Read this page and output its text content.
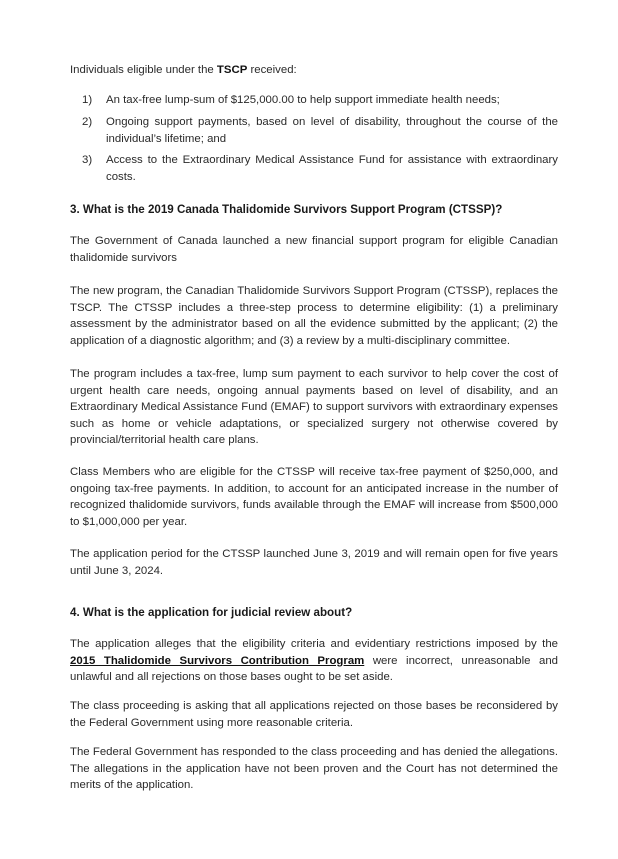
Individuals eligible under the TSCP received:

1) An tax-free lump-sum of $125,000.00 to help support immediate health needs;
2) Ongoing support payments, based on level of disability, throughout the course of the individual’s lifetime; and
3) Access to the Extraordinary Medical Assistance Fund for assistance with extraordinary costs.
3. What is the 2019 Canada Thalidomide Survivors Support Program (CTSSP)?

The Government of Canada launched a new financial support program for eligible Canadian thalidomide survivors

The new program, the Canadian Thalidomide Survivors Support Program (CTSSP), replaces the TSCP. The CTSSP includes a three-step process to determine eligibility: (1) a preliminary assessment by the administrator based on all the evidence submitted by the applicant; (2) the application of a diagnostic algorithm; and (3) a review by a multi-disciplinary committee.

The program includes a tax-free, lump sum payment to each survivor to help cover the cost of urgent health care needs, ongoing annual payments based on level of disability, and an Extraordinary Medical Assistance Fund (EMAF) to support survivors with extraordinary expenses such as home or vehicle adaptations, or specialized surgery not otherwise covered by provincial/territorial health care plans.

Class Members who are eligible for the CTSSP will receive tax-free payment of $250,000, and ongoing tax-free payments. In addition, to account for an anticipated increase in the number of recognized thalidomide survivors, funds available through the EMAF will increase from $500,000 to $1,000,000 per year.

The application period for the CTSSP launched June 3, 2019 and will remain open for five years until June 3, 2024.

4. What is the application for judicial review about?

The application alleges that the eligibility criteria and evidentiary restrictions imposed by the 2015 Thalidomide Survivors Contribution Program were incorrect, unreasonable and unlawful and all rejections on those bases ought to be set aside.

The class proceeding is asking that all applications rejected on those bases be reconsidered by the Federal Government using more reasonable criteria.

The Federal Government has responded to the class proceeding and has denied the allegations. The allegations in the application have not been proven and the Court has not determined the merits of the application.
